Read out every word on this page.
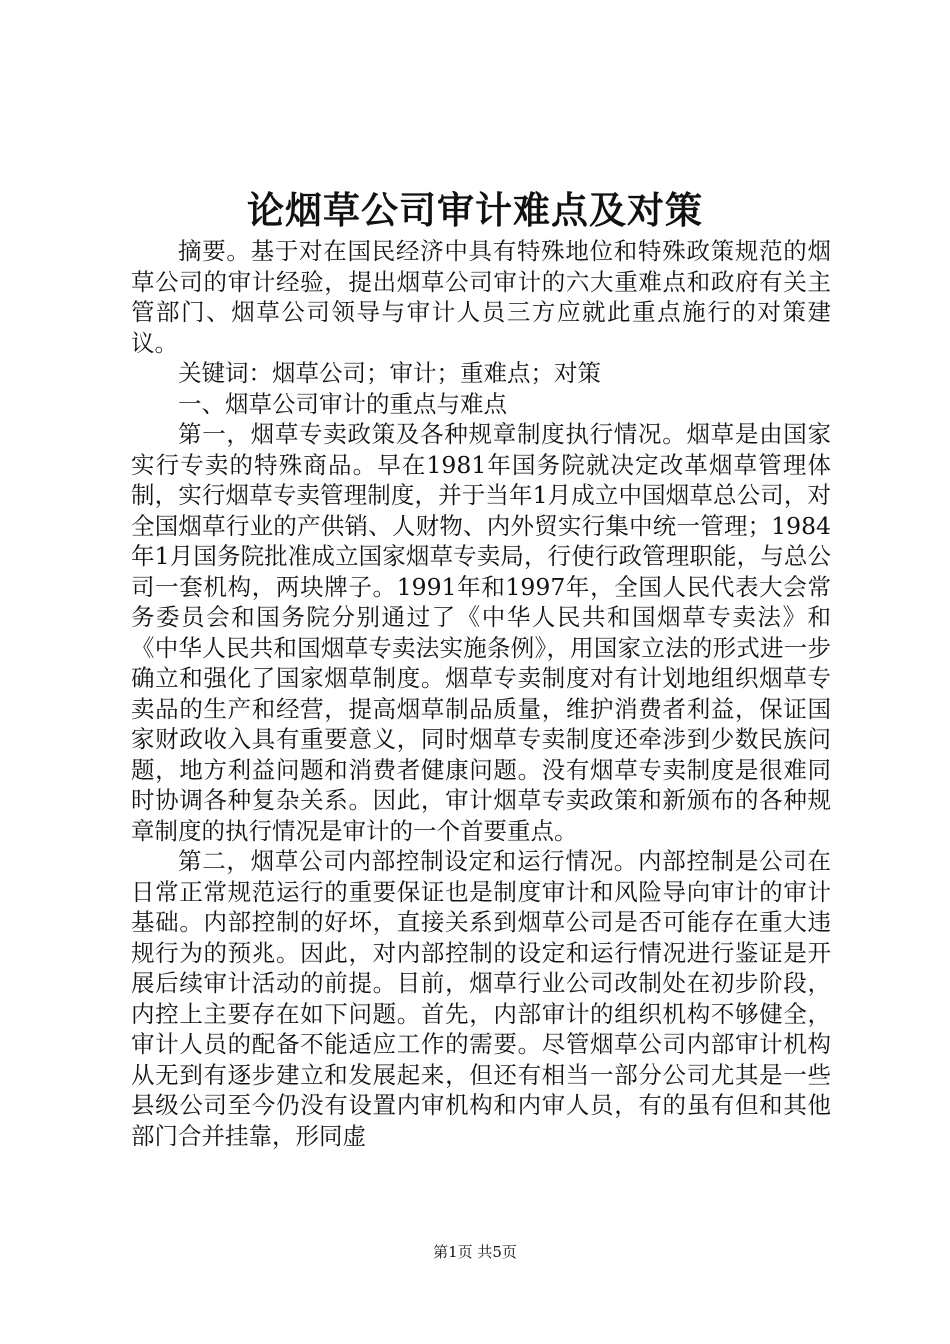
论烟草公司审计难点及对策

摘要。基于对在国民经济中具有特殊地位和特殊政策规范的烟草公司的审计经验，提出烟草公司审计的六大重难点和政府有关主管部门、烟草公司领导与审计人员三方应就此重点施行的对策建议。

关键词：烟草公司；审计；重难点；对策

一、烟草公司审计的重点与难点

第一，烟草专卖政策及各种规章制度执行情况。烟草是由国家实行专卖的特殊商品。早在1981年国务院就决定改革烟草管理体制，实行烟草专卖管理制度，并于当年1月成立中国烟草总公司，对全国烟草行业的产供销、人财物、内外贸实行集中统一管理；1984年1月国务院批准成立国家烟草专卖局，行使行政管理职能，与总公司一套机构，两块牌子。1991年和1997年，全国人民代表大会常务委员会和国务院分别通过了《中华人民共和国烟草专卖法》和《中华人民共和国烟草专卖法实施条例》，用国家立法的形式进一步确立和强化了国家烟草制度。烟草专卖制度对有计划地组织烟草专卖品的生产和经营，提高烟草制品质量，维护消费者利益，保证国家财政收入具有重要意义，同时烟草专卖制度还牵涉到少数民族问题，地方利益问题和消费者健康问题。没有烟草专卖制度是很难同时协调各种复杂关系。因此，审计烟草专卖政策和新颁布的各种规章制度的执行情况是审计的一个首要重点。

第二，烟草公司内部控制设定和运行情况。内部控制是公司在日常正常规范运行的重要保证也是制度审计和风险导向审计的审计基础。内部控制的好坏，直接关系到烟草公司是否可能存在重大违规行为的预兆。因此，对内部控制的设定和运行情况进行鉴证是开展后续审计活动的前提。目前，烟草行业公司改制处在初步阶段，内控上主要存在如下问题。首先，内部审计的组织机构不够健全，审计人员的配备不能适应工作的需要。尽管烟草公司内部审计机构从无到有逐步建立和发展起来，但还有相当一部分公司尤其是一些县级公司至今仍没有设置内审机构和内审人员，有的虽有但和其他部门合并挂靠，形同虚

第1页 共5页
